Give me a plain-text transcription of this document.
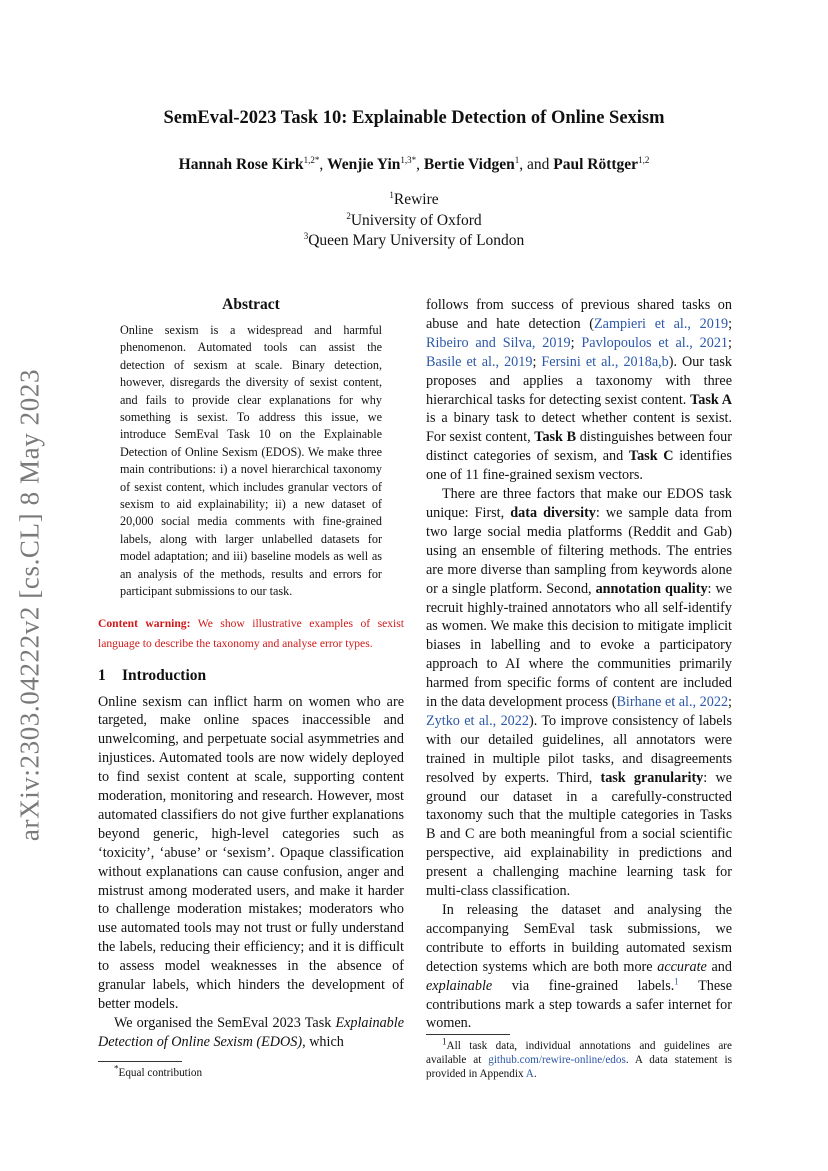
SemEval-2023 Task 10: Explainable Detection of Online Sexism
Hannah Rose Kirk$^{1,2*}$, Wenjie Yin$^{1,3*}$, Bertie Vidgen$^1$, and Paul Röttger$^{1,2}$
$^1$Rewire
$^2$University of Oxford
$^3$Queen Mary University of London
arXiv:2303.04222v2 [cs.CL] 8 May 2023
Abstract

Online sexism is a widespread and harmful phenomenon. Automated tools can assist the detection of sexism at scale. Binary detection, however, disregards the diversity of sexist content, and fails to provide clear explanations for why something is sexist. To address this issue, we introduce SemEval Task 10 on the Explainable Detection of Online Sexism (EDOS). We make three main contributions: i) a novel hierarchical taxonomy of sexist content, which includes granular vectors of sexism to aid explainability; ii) a new dataset of 20,000 social media comments with fine-grained labels, along with larger unlabelled datasets for model adaptation; and iii) baseline models as well as an analysis of the methods, results and errors for participant submissions to our task.

Content warning: We show illustrative examples of sexist language to describe the taxonomy and analyse error types.
1 Introduction

Online sexism can inflict harm on women who are targeted, make online spaces inaccessible and unwelcoming, and perpetuate social asymmetries and injustices. Automated tools are now widely deployed to find sexist content at scale, supporting content moderation, monitoring and research. However, most automated classifiers do not give further explanations beyond generic, high-level categories such as ‘toxicity’, ‘abuse’ or ‘sexism’. Opaque classification without explanations can cause confusion, anger and mistrust among moderated users, and make it harder to challenge moderation mistakes; moderators who use automated tools may not trust or fully understand the labels, reducing their efficiency; and it is difficult to assess model weaknesses in the absence of granular labels, which hinders the development of better models.

We organised the SemEval 2023 Task Explainable Detection of Online Sexism (EDOS), which

*Equal contribution

follows from success of previous shared tasks on abuse and hate detection (Zampieri et al., 2019; Ribeiro and Silva, 2019; Pavlopoulos et al., 2021; Basile et al., 2019; Fersini et al., 2018a,b). Our task proposes and applies a taxonomy with three hierarchical tasks for detecting sexist content. Task A is a binary task to detect whether content is sexist. For sexist content, Task B distinguishes between four distinct categories of sexism, and Task C identifies one of 11 fine-grained sexism vectors.

There are three factors that make our EDOS task unique: First, data diversity: we sample data from two large social media platforms (Reddit and Gab) using an ensemble of filtering methods. The entries are more diverse than sampling from keywords alone or a single platform. Second, annotation quality: we recruit highly-trained annotators who all self-identify as women. We make this decision to mitigate implicit biases in labelling and to evoke a participatory approach to AI where the communities primarily harmed from specific forms of content are included in the data development process (Birhane et al., 2022; Zytko et al., 2022). To improve consistency of labels with our detailed guidelines, all annotators were trained in multiple pilot tasks, and disagreements resolved by experts. Third, task granularity: we ground our dataset in a carefully-constructed taxonomy such that the multiple categories in Tasks B and C are both meaningful from a social scientific perspective, aid explainability in predictions and present a challenging machine learning task for multi-class classification.

In releasing the dataset and analysing the accompanying SemEval task submissions, we contribute to efforts in building automated sexism detection systems which are both more accurate and explainable via fine-grained labels.$^1$ These contributions mark a step towards a safer internet for women.

$^1$All task data, individual annotations and guidelines are available at github.com/rewire-online/edos. A data statement is provided in Appendix A.
